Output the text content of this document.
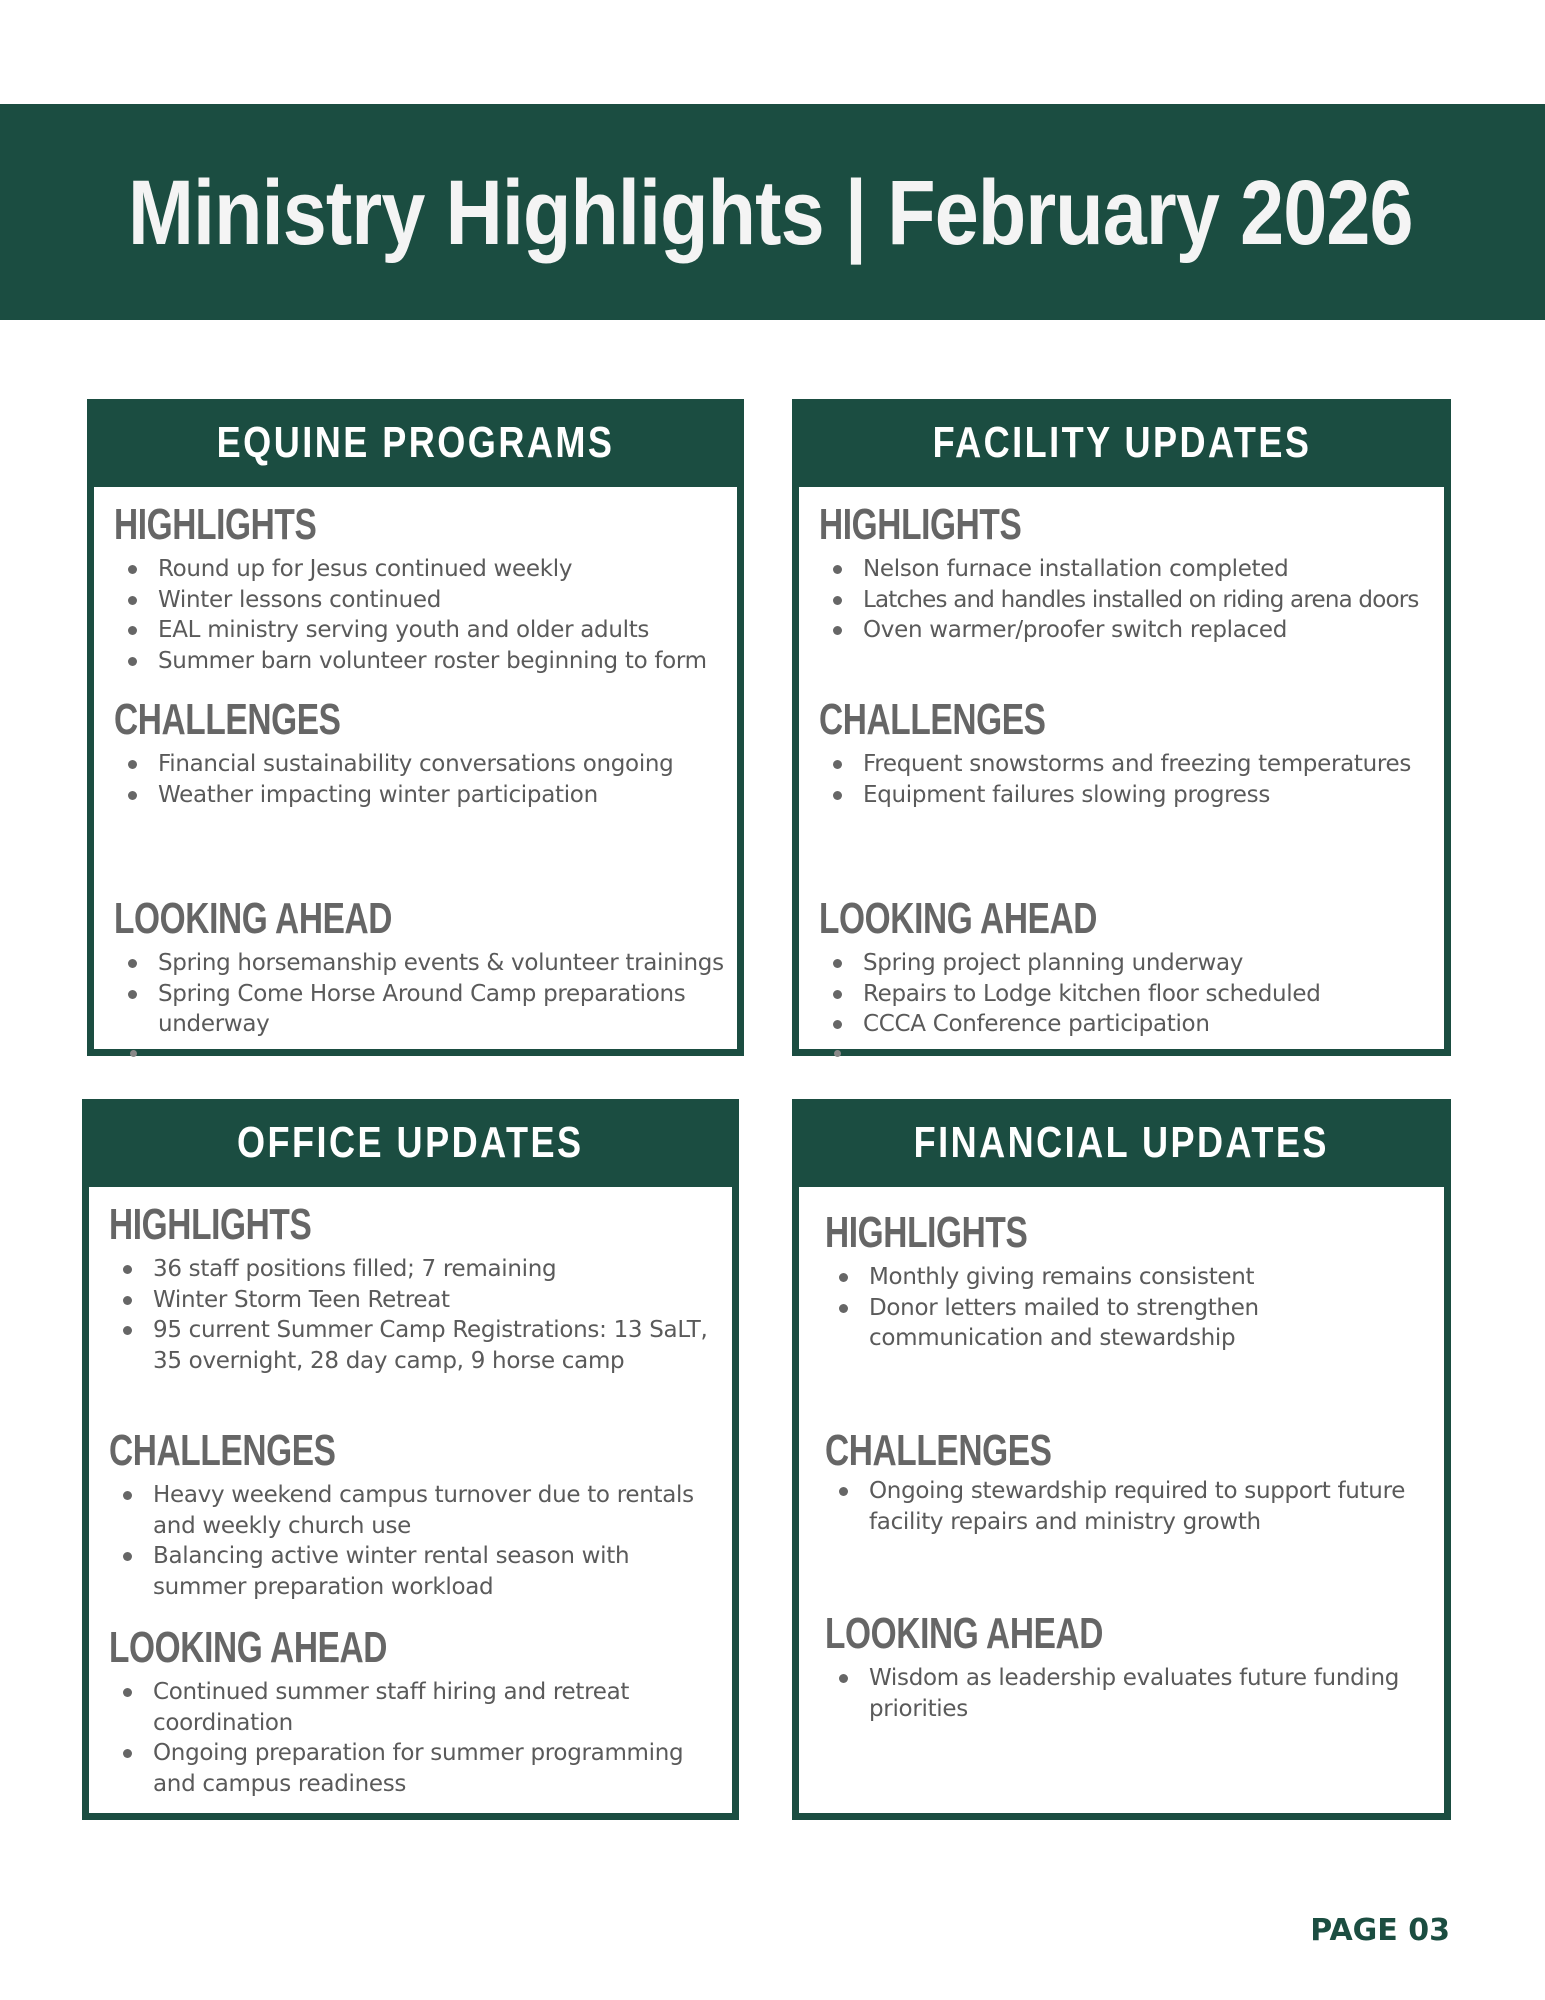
Ministry Highlights | February 2026
EQUINE PROGRAMS
HIGHLIGHTS
Round up for Jesus continued weekly
Winter lessons continued
EAL ministry serving youth and older adults
Summer barn volunteer roster beginning to form
CHALLENGES
Financial sustainability conversations ongoing
Weather impacting winter participation
LOOKING AHEAD
Spring horsemanship events & volunteer trainings
Spring Come Horse Around Camp preparations underway
FACILITY UPDATES
HIGHLIGHTS
Nelson furnace installation completed
Latches and handles installed on riding arena doors
Oven warmer/proofer switch replaced
CHALLENGES
Frequent snowstorms and freezing temperatures
Equipment failures slowing progress
LOOKING AHEAD
Spring project planning underway
Repairs to Lodge kitchen floor scheduled
CCCA Conference participation
OFFICE UPDATES
HIGHLIGHTS
36 staff positions filled; 7 remaining
Winter Storm Teen Retreat
95 current Summer Camp Registrations: 13 SaLT, 35 overnight, 28 day camp, 9 horse camp
CHALLENGES
Heavy weekend campus turnover due to rentals and weekly church use
Balancing active winter rental season with summer preparation workload
LOOKING AHEAD
Continued summer staff hiring and retreat coordination
Ongoing preparation for summer programming and campus readiness
FINANCIAL UPDATES
HIGHLIGHTS
Monthly giving remains consistent
Donor letters mailed to strengthen communication and stewardship
CHALLENGES
Ongoing stewardship required to support future facility repairs and ministry growth
LOOKING AHEAD
Wisdom as leadership evaluates future funding priorities

PAGE 03
